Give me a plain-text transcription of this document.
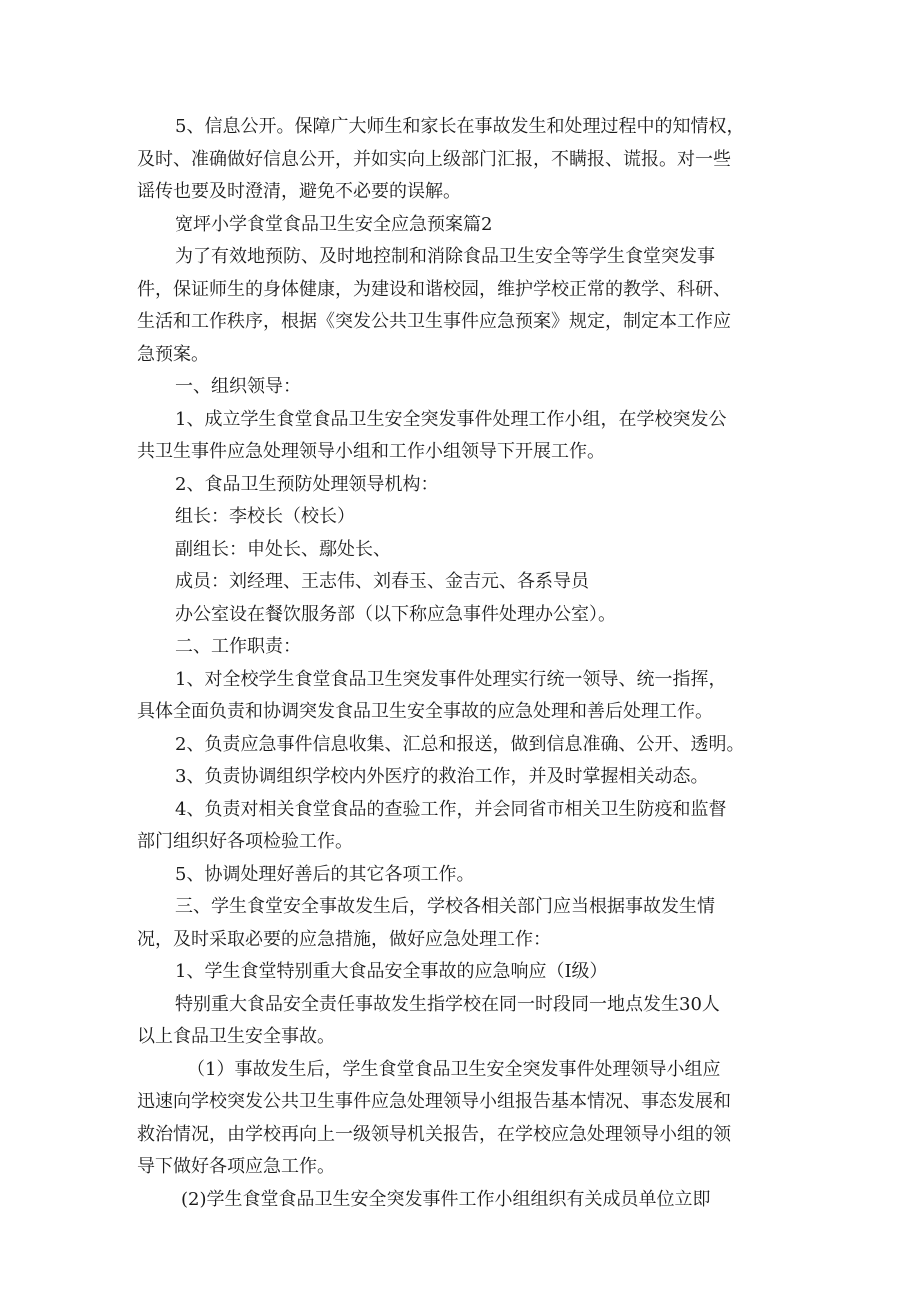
5、信息公开。保障广大师生和家长在事故发生和处理过程中的知情权，
及时、准确做好信息公开，并如实向上级部门汇报，不瞒报、谎报。对一些
谣传也要及时澄清，避免不必要的误解。
宽坪小学食堂食品卫生安全应急预案篇2
为了有效地预防、及时地控制和消除食品卫生安全等学生食堂突发事
件，保证师生的身体健康，为建设和谐校园，维护学校正常的教学、科研、
生活和工作秩序，根据《突发公共卫生事件应急预案》规定，制定本工作应
急预案。
一、组织领导：
1、成立学生食堂食品卫生安全突发事件处理工作小组，在学校突发公
共卫生事件应急处理领导小组和工作小组领导下开展工作。
2、食品卫生预防处理领导机构：
组长：李校长（校长）
副组长：申处长、鄢处长、
成员：刘经理、王志伟、刘春玉、金吉元、各系导员
办公室设在餐饮服务部（以下称应急事件处理办公室）。
二、工作职责：
1、对全校学生食堂食品卫生突发事件处理实行统一领导、统一指挥，
具体全面负责和协调突发食品卫生安全事故的应急处理和善后处理工作。
2、负责应急事件信息收集、汇总和报送，做到信息准确、公开、透明。
3、负责协调组织学校内外医疗的救治工作，并及时掌握相关动态。
4、负责对相关食堂食品的查验工作，并会同省市相关卫生防疫和监督
部门组织好各项检验工作。
5、协调处理好善后的其它各项工作。
三、学生食堂安全事故发生后，学校各相关部门应当根据事故发生情
况，及时采取必要的应急措施，做好应急处理工作：
1、学生食堂特别重大食品安全事故的应急响应（Ⅰ级）
特别重大食品安全责任事故发生指学校在同一时段同一地点发生30人
以上食品卫生安全事故。
（1）事故发生后，学生食堂食品卫生安全突发事件处理领导小组应
迅速向学校突发公共卫生事件应急处理领导小组报告基本情况、事态发展和
救治情况，由学校再向上一级领导机关报告，在学校应急处理领导小组的领
导下做好各项应急工作。
(2)学生食堂食品卫生安全突发事件工作小组组织有关成员单位立即
